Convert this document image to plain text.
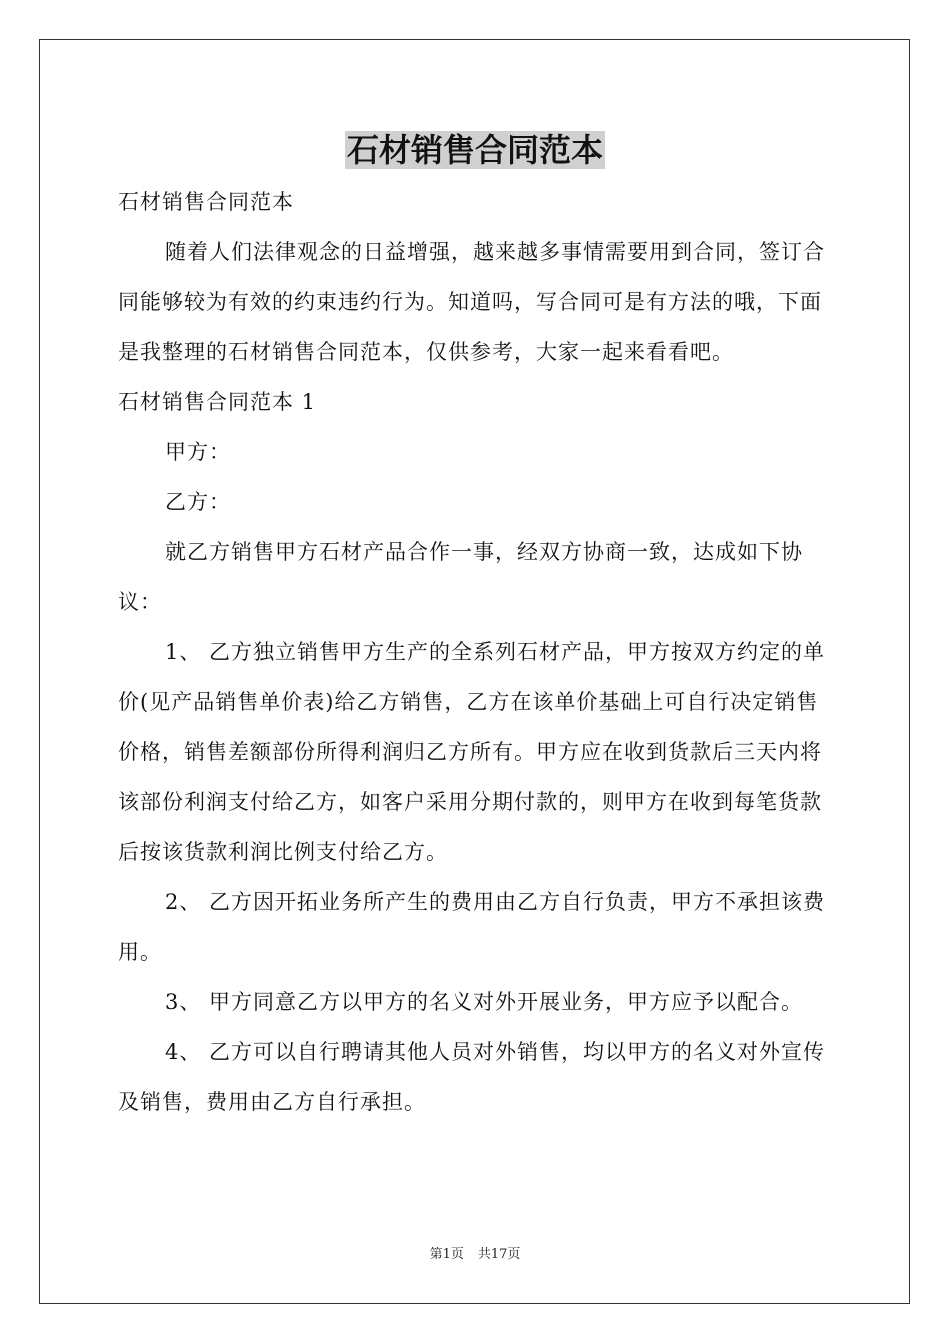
石材销售合同范本

石材销售合同范本

随着人们法律观念的日益增强，越来越多事情需要用到合同，签订合同能够较为有效的约束违约行为。知道吗，写合同可是有方法的哦，下面是我整理的石材销售合同范本，仅供参考，大家一起来看看吧。

石材销售合同范本 1

甲方：

乙方：

就乙方销售甲方石材产品合作一事，经双方协商一致，达成如下协议：

1、 乙方独立销售甲方生产的全系列石材产品，甲方按双方约定的单价(见产品销售单价表)给乙方销售，乙方在该单价基础上可自行决定销售价格，销售差额部份所得利润归乙方所有。甲方应在收到货款后三天内将该部份利润支付给乙方，如客户采用分期付款的，则甲方在收到每笔货款后按该货款利润比例支付给乙方。

2、 乙方因开拓业务所产生的费用由乙方自行负责，甲方不承担该费用。

3、 甲方同意乙方以甲方的名义对外开展业务，甲方应予以配合。

4、 乙方可以自行聘请其他人员对外销售，均以甲方的名义对外宣传及销售，费用由乙方自行承担。

第1页 共17页
